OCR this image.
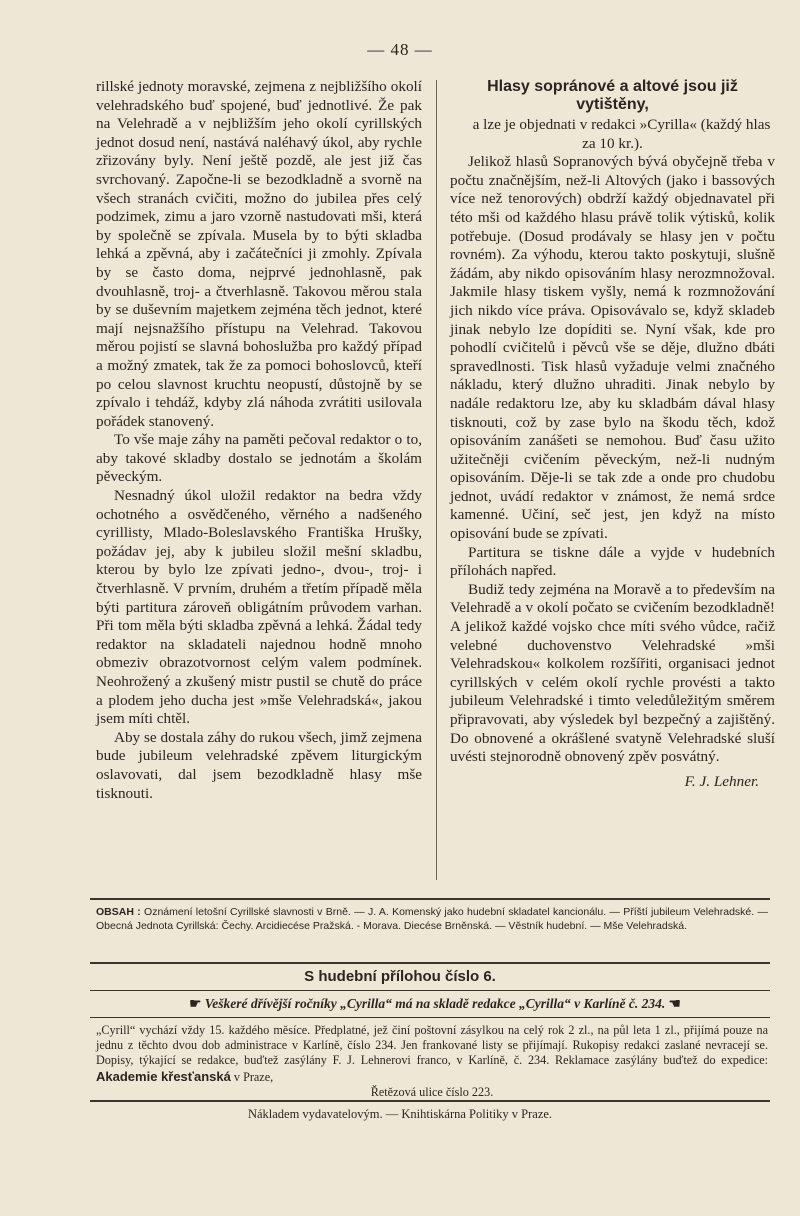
— 48 —

rillské jednoty moravské, zejmena z nejbližšího okolí velehradského buď spojené, buď jednotlivé. Že pak na Velehradě a v nejbližším jeho okolí cyrillských jednot dosud není, nastává naléhavý úkol, aby rychle zřizovány byly. Není ještě pozdě, ale jest již čas svrchovaný. Započne-li se bezodkladně a svorně na všech stranách cvičiti, možno do jubilea přes celý podzimek, zimu a jaro vzorně nastudovati mši, která by společně se zpívala. Musela by to býti skladba lehká a zpěvná, aby i začátečníci ji zmohly. Zpívala by se často doma, nejprvé jednohlasně, pak dvouhlasně, troj- a čtverhlasně. Takovou měrou stala by se duševním majetkem zejména těch jednot, které mají nejsnažšího přístupu na Velehrad. Takovou měrou pojistí se slavná bohoslužba pro každý případ a možný zmatek, tak že za pomoci bohoslovců, kteří po celou slavnost kruchtu neopustí, důstojně by se zpívalo i tehdáž, kdyby zlá náhoda zvrátiti usilovala pořádek stanovený.

To vše maje záhy na paměti pečoval redaktor o to, aby takové skladby dostalo se jednotám a školám pěveckým.

Nesnadný úkol uložil redaktor na bedra vždy ochotného a osvědčeného, věrného a nadšeného cyrillisty, Mlado-Boleslavského Františka Hrušky, požádav jej, aby k jubileu složil mešní skladbu, kterou by bylo lze zpívati jedno-, dvou-, troj- i čtverhlasně. V prvním, druhém a třetím případě měla býti partitura zároveň obligátním průvodem varhan. Při tom měla býti skladba zpěvná a lehká. Žádal tedy redaktor na skladateli najednou hodně mnoho obmeziv obrazotvornost celým valem podmínek. Neohrožený a zkušený mistr pustil se chutě do práce a plodem jeho ducha jest »mše Velehradská«, jakou jsem míti chtěl.

Aby se dostala záhy do rukou všech, jimž zejmena bude jubileum velehradské zpěvem liturgickým oslavovati, dal jsem bezodkladně hlasy mše tisknouti.

Hlasy sopránové a altové jsou již vytištěny,

a lze je objednati v redakci »Cyrilla« (každý hlas za 10 kr.).

Jelikož hlasů Sopranových bývá obyčejně třeba v počtu značnějším, než-li Altových (jako i bassových více než tenorových) obdrží každý objednavatel při této mši od každého hlasu právě tolik výtisků, kolik potřebuje. (Dosud prodávaly se hlasy jen v počtu rovném). Za výhodu, kterou takto poskytuji, slušně žádám, aby nikdo opisováním hlasy nerozmnožoval. Jakmile hlasy tiskem vyšly, nemá k rozmnožování jich nikdo více práva. Opisovávalo se, když skladeb jinak nebylo lze dopíditi se. Nyní však, kde pro pohodlí cvičitelů i pěvců vše se děje, dlužno dbáti spravedlnosti. Tisk hlasů vyžaduje velmi značného nákladu, který dlužno uhraditi. Jinak nebylo by nadále redaktoru lze, aby ku skladbám dával hlasy tisknouti, což by zase bylo na škodu těch, kdož opisováním zanášeti se nemohou. Buď času užito užitečněji cvičením pěveckým, než-li nudným opisováním. Děje-li se tak zde a onde pro chudobu jednot, uvádí redaktor v známost, že nemá srdce kamenné. Učiní, seč jest, jen když na místo opisování bude se zpívati.

Partitura se tiskne dále a vyjde v hudebních přílohách napřed.

Budiž tedy zejména na Moravě a to především na Velehradě a v okolí počato se cvičením bezodkladně! A jelikož každé vojsko chce míti svého vůdce, račiž velebné duchovenstvo Velehradské »mši Velehradskou« kolkolem rozšířiti, organisaci jednot cyrillských v celém okolí rychle provésti a takto jubileum Velehradské i timto veledůležitým směrem připravovati, aby výsledek byl bezpečný a zajištěný. Do obnovené a okrášlené svatyně Velehradské sluší uvésti stejnorodně obnovený zpěv posvátný.

F. J. Lehner.
OBSAH : Oznámení letošní Cyrillské slavnosti v Brně. — J. A. Komenský jako hudební skladatel kancionálu. — Příští jubileum Velehradské. — Obecná Jednota Cyrillská: Čechy. Arcidiecése Pražská. - Morava. Diecése Brněnská. — Věstník hudební. — Mše Velehradská.
S hudební přílohou číslo 6.
☛ Veškeré dřívější ročníky „Cyrilla“ má na skladě redakce „Cyrilla“ v Karlíně č. 234. ☚
„Cyrill“ vychází vždy 15. každého měsíce. Předplatné, jež činí poštovní zásylkou na celý rok 2 zl., na půl leta 1 zl., přijímá pouze na jednu z těchto dvou dob administrace v Karlíně, číslo 234. Jen frankované listy se přijímají. Rukopisy redakci zaslané nevracejí se. Dopisy, týkající se redakce, buďtež zasýlány F. J. Lehnerovi franco, v Karlíně, č. 234. Reklamace zasýlány buďtež do expedice: Akademie křesťanská v Praze,
Řetězová ulice číslo 223.
Nákladem vydavatelovým. — Knihtiskárna Politiky v Praze.
